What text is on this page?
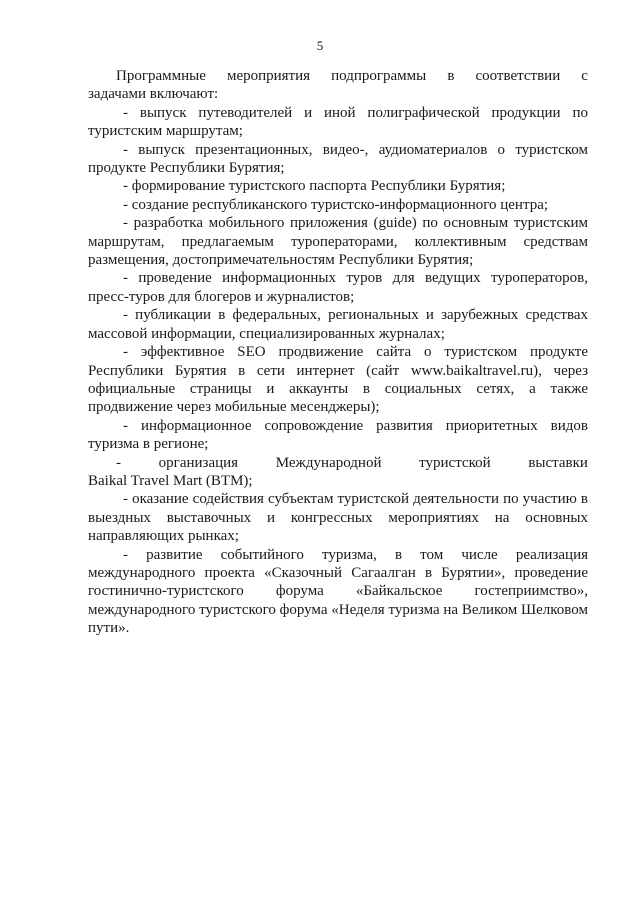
5
Программные мероприятия подпрограммы в соответствии с

задачами включают:

- выпуск путеводителей и иной полиграфической продукции по туристским маршрутам;

- выпуск презентационных, видео-, аудиоматериалов о туристском продукте Республики Бурятия;

- формирование туристского паспорта Республики Бурятия;

- создание республиканского туристско-информационного центра;

- разработка мобильного приложения (guide) по основным туристским маршрутам, предлагаемым туроператорами, коллективным средствам размещения, достопримечательностям Республики Бурятия;

- проведение информационных туров для ведущих туроператоров, пресс-туров для блогеров и журналистов;

- публикации в федеральных, региональных и зарубежных средствах массовой информации, специализированных журналах;

- эффективное SEO продвижение сайта о туристском продукте Республики Бурятия в сети интернет (сайт www.baikaltravel.ru), через официальные страницы и аккаунты в социальных сетях, а также продвижение через мобильные месенджеры);

- информационное сопровождение развития приоритетных видов туризма в регионе;

-	организация	Международной	туристской	выставки

Baikal Travel Mart (BTM);

- оказание содействия субъектам туристской деятельности по участию в выездных выставочных и конгрессных мероприятиях на основных направляющих рынках;

- развитие событийного туризма, в том числе реализация международного проекта «Сказочный Сагаалган в Бурятии», проведение гостинично-туристского форума «Байкальское гостеприимство», международного туристского форума «Неделя туризма на Великом Шелковом пути».
